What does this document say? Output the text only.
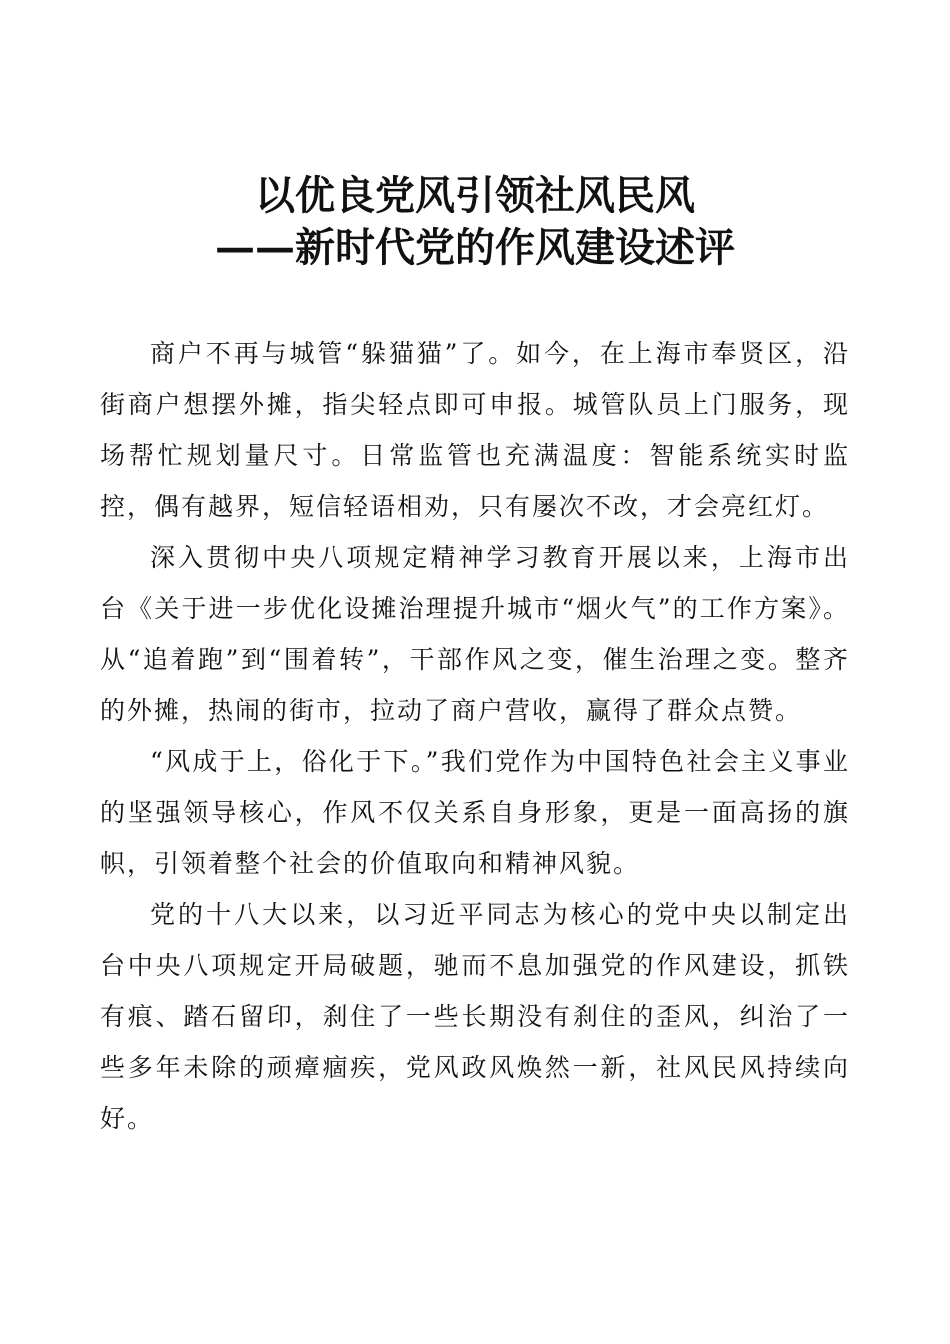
以优良党风引领社风民风
——新时代党的作风建设述评

商户不再与城管“躲猫猫”了。如今，在上海市奉贤区，沿街商户想摆外摊，指尖轻点即可申报。城管队员上门服务，现场帮忙规划量尺寸。日常监管也充满温度：智能系统实时监控，偶有越界，短信轻语相劝，只有屡次不改，才会亮红灯。

深入贯彻中央八项规定精神学习教育开展以来，上海市出台《关于进一步优化设摊治理提升城市“烟火气”的工作方案》。从“追着跑”到“围着转”，干部作风之变，催生治理之变。整齐的外摊，热闹的街市，拉动了商户营收，赢得了群众点赞。

“风成于上，俗化于下。”我们党作为中国特色社会主义事业的坚强领导核心，作风不仅关系自身形象，更是一面高扬的旗帜，引领着整个社会的价值取向和精神风貌。

党的十八大以来，以习近平同志为核心的党中央以制定出台中央八项规定开局破题，驰而不息加强党的作风建设，抓铁有痕、踏石留印，刹住了一些长期没有刹住的歪风，纠治了一些多年未除的顽瘴痼疾，党风政风焕然一新，社风民风持续向好。
